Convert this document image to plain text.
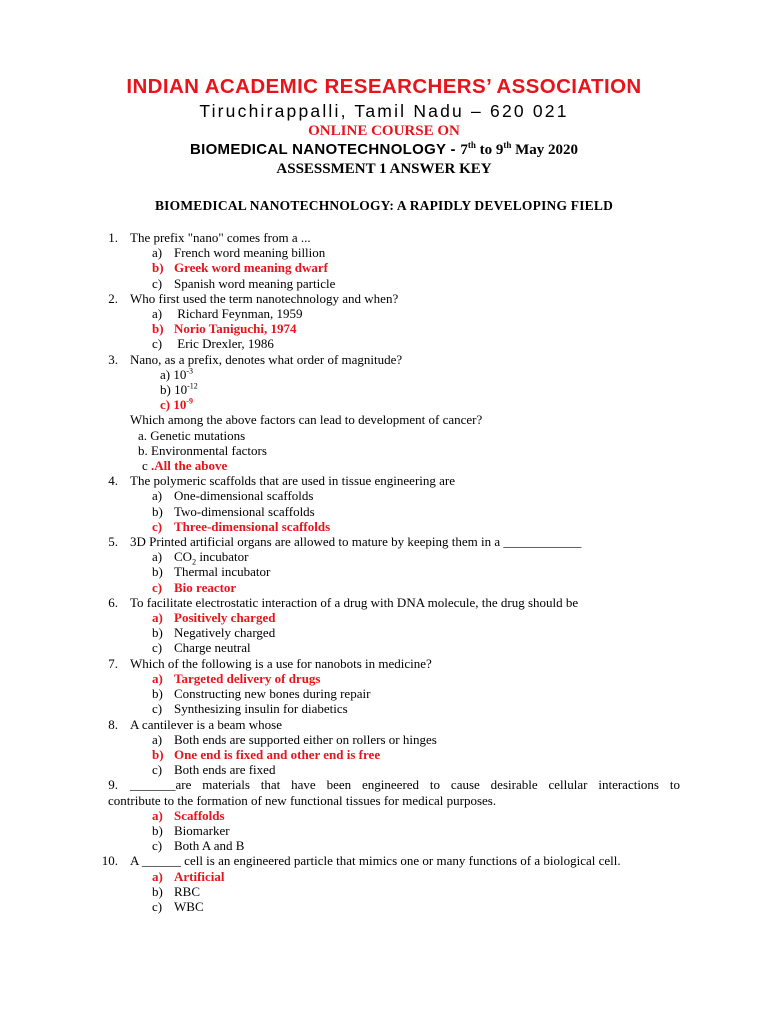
INDIAN ACADEMIC RESEARCHERS’ ASSOCIATION
Tiruchirappalli, Tamil Nadu – 620 021
ONLINE COURSE ON
BIOMEDICAL NANOTECHNOLOGY - 7th to 9th May 2020
ASSESSMENT 1 ANSWER KEY
BIOMEDICAL NANOTECHNOLOGY: A RAPIDLY DEVELOPING FIELD
1. The prefix "nano" comes from a ...
a) French word meaning billion
b) Greek word meaning dwarf
c) Spanish word meaning particle
2. Who first used the term nanotechnology and when?
a) Richard Feynman, 1959
b) Norio Taniguchi, 1974
c) Eric Drexler, 1986
3. Nano, as a prefix, denotes what order of magnitude?
a) $10^{-3}$
b) $10^{-12}$
c) $10^{-9}$
Which among the above factors can lead to development of cancer?
a. Genetic mutations
b. Environmental factors
c .All the above
4. The polymeric scaffolds that are used in tissue engineering are
a) One-dimensional scaffolds
b) Two-dimensional scaffolds
c) Three-dimensional scaffolds
5. 3D Printed artificial organs are allowed to mature by keeping them in a ____________
a) $CO_2$ incubator
b) Thermal incubator
c) Bio reactor
6. To facilitate electrostatic interaction of a drug with DNA molecule, the drug should be
a) Positively charged
b) Negatively charged
c) Charge neutral
7. Which of the following is a use for nanobots in medicine?
a) Targeted delivery of drugs
b) Constructing new bones during repair
c) Synthesizing insulin for diabetics
8. A cantilever is a beam whose
a) Both ends are supported either on rollers or hinges
b) One end is fixed and other end is free
c) Both ends are fixed
9. _______are materials that have been engineered to cause desirable cellular interactions to
contribute to the formation of new functional tissues for medical purposes.
a) Scaffolds
b) Biomarker
c) Both A and B
10. A ______ cell is an engineered particle that mimics one or many functions of a biological cell.
a) Artificial
b) RBC
c) WBC
